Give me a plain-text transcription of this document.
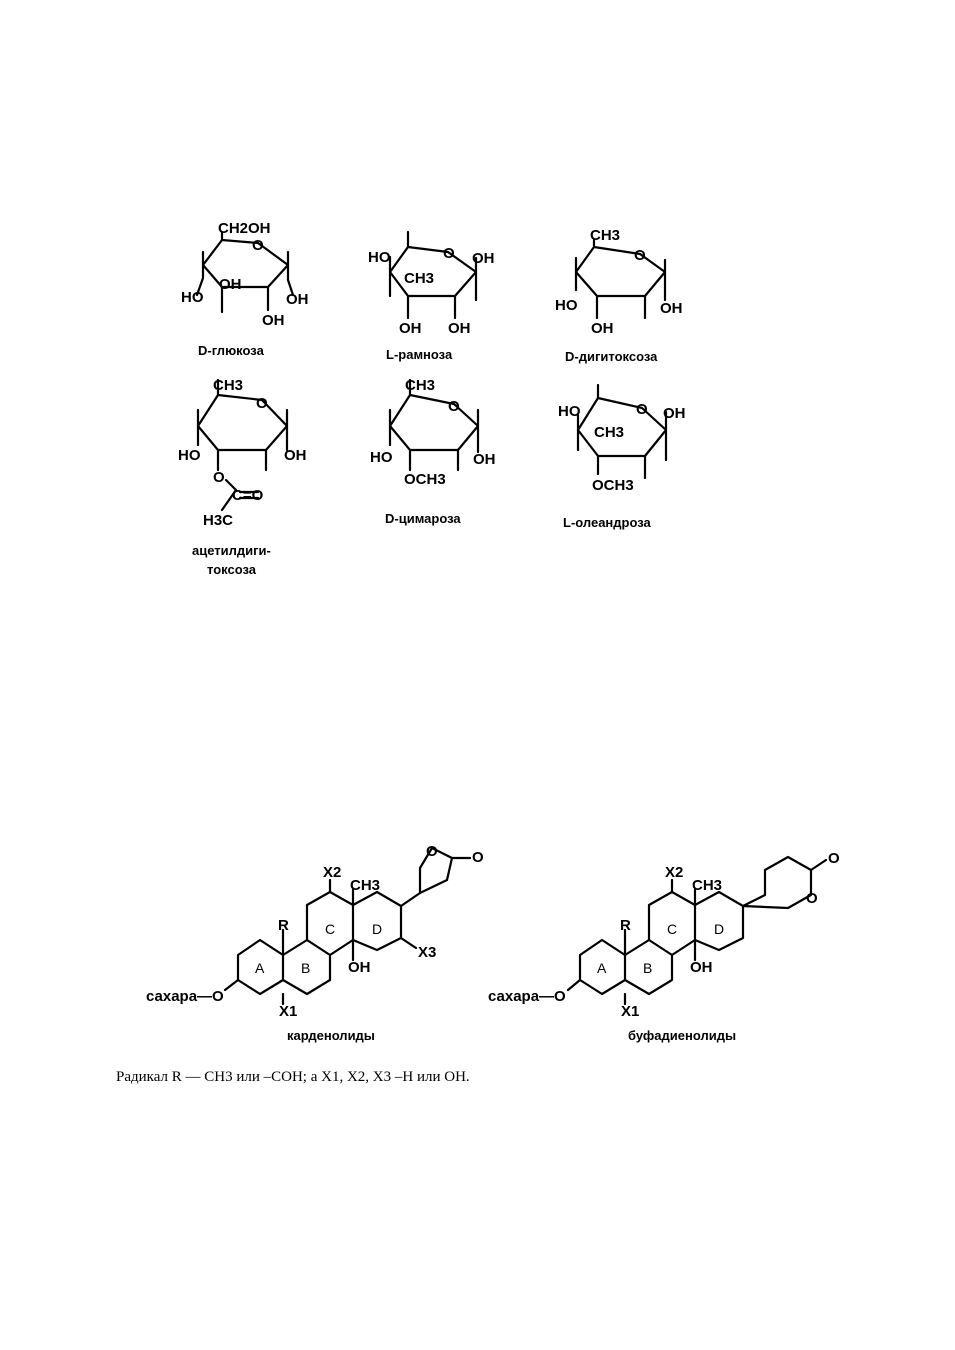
CH2OH
O
OH
HO	OH
OH
D-глюкоза
HO	O OH
CH3
OH OH
L-рамноза
CH3
O
HO	OH
OH
D-дигитоксоза
CH3
O
HO	OH
O
C=O
H3C
ацетилдиги-
токсоза
CH3
O
HO	OH
OCH3
D-цимароза
HO	O OH
CH3
OCH3
L-олеандроза
A	B
C	D
сахара—O
R
X1
X2
X3
CH3
OH
O O
карденолиды
A	B
C	D
сахара—O
R
X1
X2
CH3
OH
O
O
буфадиенолиды
Радикал R — CH3 или –COH; а X1, X2, X3 –H или OH.
